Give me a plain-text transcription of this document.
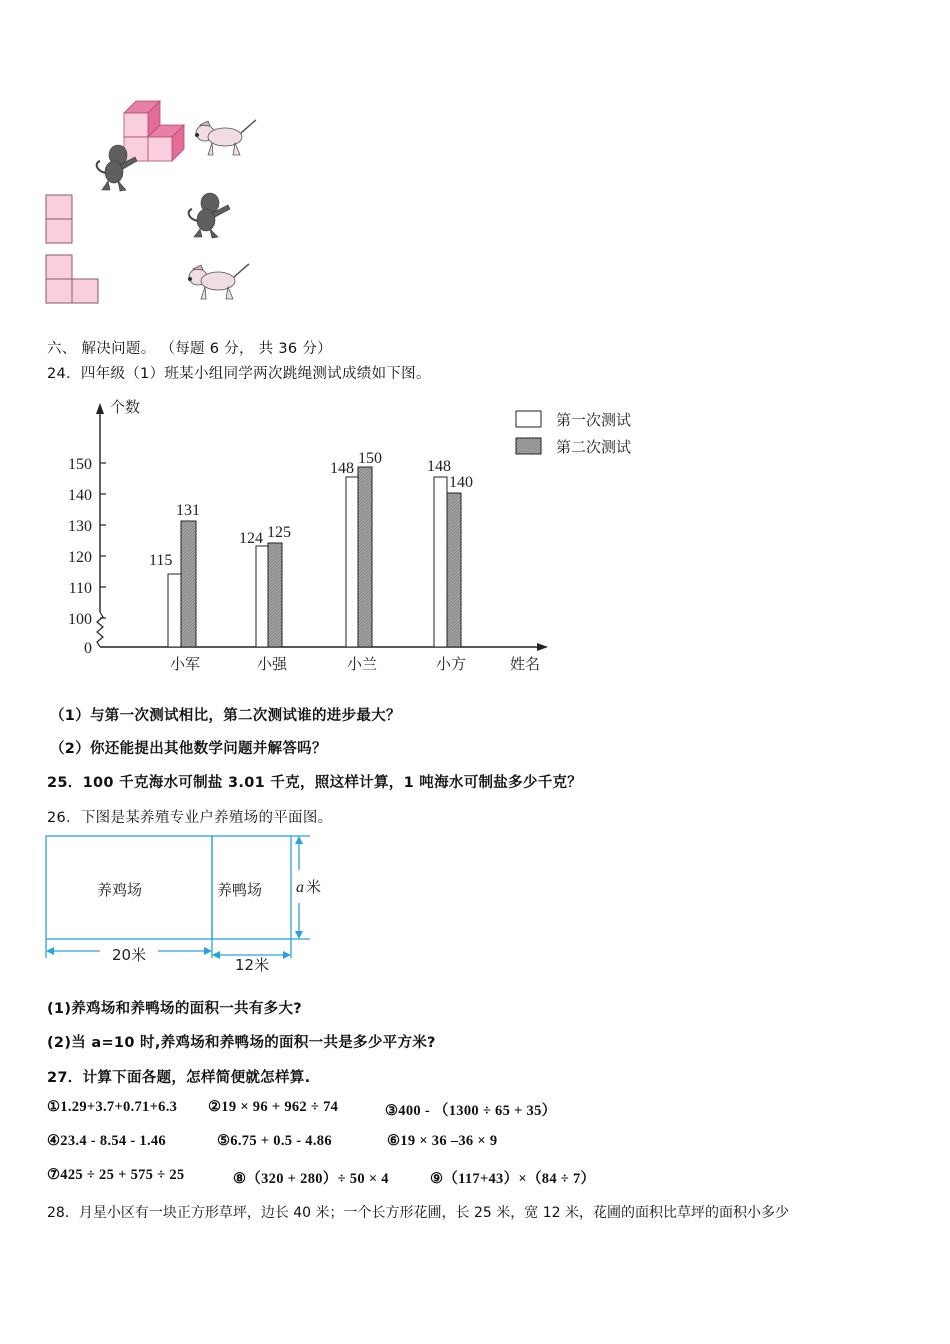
六、 解决问题。 （每题 6 分， 共 36 分）
24．四年级（1）班某小组同学两次跳绳测试成绩如下图。
150
140
130
120
110
100
0
个数
115
131
124 125
148
150	148
140
小军	小强	小兰	小方	姓名
第一次测试
第二次测试
（1）与第一次测试相比，第二次测试谁的进步最大？
（2）你还能提出其他数学问题并解答吗？
25．100 千克海水可制盐 3.01 千克，照这样计算，1 吨海水可制盐多少千克？
26．下图是某养殖专业户养殖场的平面图。
养鸡场	养鸭场
20米
12米
a 米
(1)养鸡场和养鸭场的面积一共有多大?
(2)当 a=10 时,养鸡场和养鸭场的面积一共是多少平方米?
27．计算下面各题，怎样简便就怎样算.
①1.29+3.7+0.71+6.3 ②19 × 96 + 962 ÷ 74	③400 - （1300 ÷ 65 + 35）
④23.4 - 8.54 - 1.46	⑤6.75 + 0.5 - 4.86	⑥19 × 36 –36 × 9
⑦425 ÷ 25 + 575 ÷ 25	⑧（320 + 280）÷ 50 × 4	⑨（117+43）×（84 ÷ 7）
28．月星小区有一块正方形草坪，边长 40 米；一个长方形花圃，长 25 米，宽 12 米，花圃的面积比草坪的面积小多少
